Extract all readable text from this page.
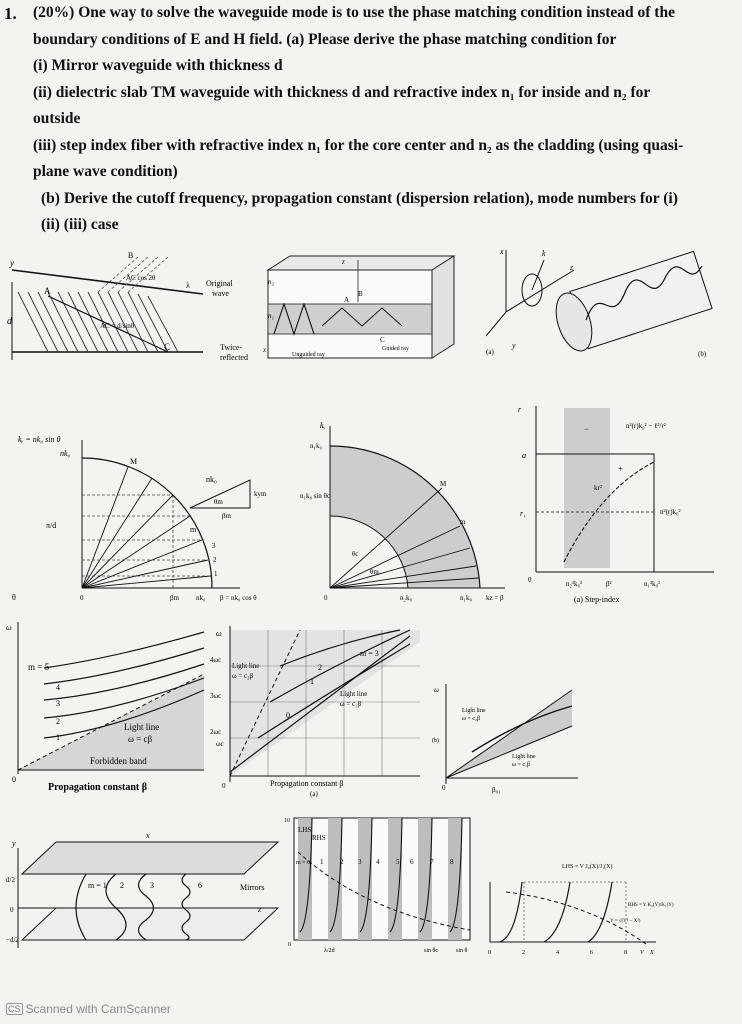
1. (20%) One way to solve the waveguide mode is to use the phase matching condition instead of the
boundary conditions of E and H field. (a) Please derive the phase matching condition for
(i) Mirror waveguide with thickness d
(ii) dielectric slab TM waveguide with thickness d and refractive index n₁ for inside and n₂ for
outside
(iii) step index fiber with refractive index n₁ for the core center and n₂ as the cladding (using quasi-
plane wave condition)
(b) Derive the cutoff frequency, propagation constant (dispersion relation), mode numbers for (i)
(ii) (iii) case
y
d
A
C
B
AC cos 2θ
AC = d/sinθ
λ Original
wave
Twice-
reflected
n₂
n₁
A
B
C
z
x	Guided ray
Unguided ray
x
z
y
k
(a)	(b)
kᵧ = nk₀ sin θ
nk₀
M
m
π/d
nk₀
θm
kym
βm
3
2
1
βm nk₀ β = nk₀ cos θ
0
θ
kᵧ
n₁k₀
n₁k₀ sin θc
M
m
θc
θm
0	n₂k₀	n₁k₀ kz = β
r
a
r₁
0
n²(r)k₀² − ℓ²/r²
n²(r)k₀²
kr²
−
+
n₂²k₀²	β²	n₁²k₀²
(a) Step-index
ω
m = 5
4
3
2
1
Light line
ω = cβ
Forbidden band
Propagation constant β
0
ω
4ωc
3ωc
2ωc
ωc
0
m = 3
2
1
0
Light line
ω = c₂β
Light line
ω = c₁β
Propagation constant β
(a)
ω
Light line
ω = c₂β
Light line
ω = c₁β
(b)
0	β₀₁
y
x
d/2
0
−d/2
m = 1 2	3	6	Mirrors
z
LHS
RHS
m = 0 1 2 3 4 5 6 7 8
10
0
λ/2d	sin θc	sin θ
LHS = V J₀(X)/J₁(X)
RHS = Y K₀(Y)/K₁(Y)
Y = √(V² − X²)
0	2	4	6	8 V X
CS Scanned with CamScanner
